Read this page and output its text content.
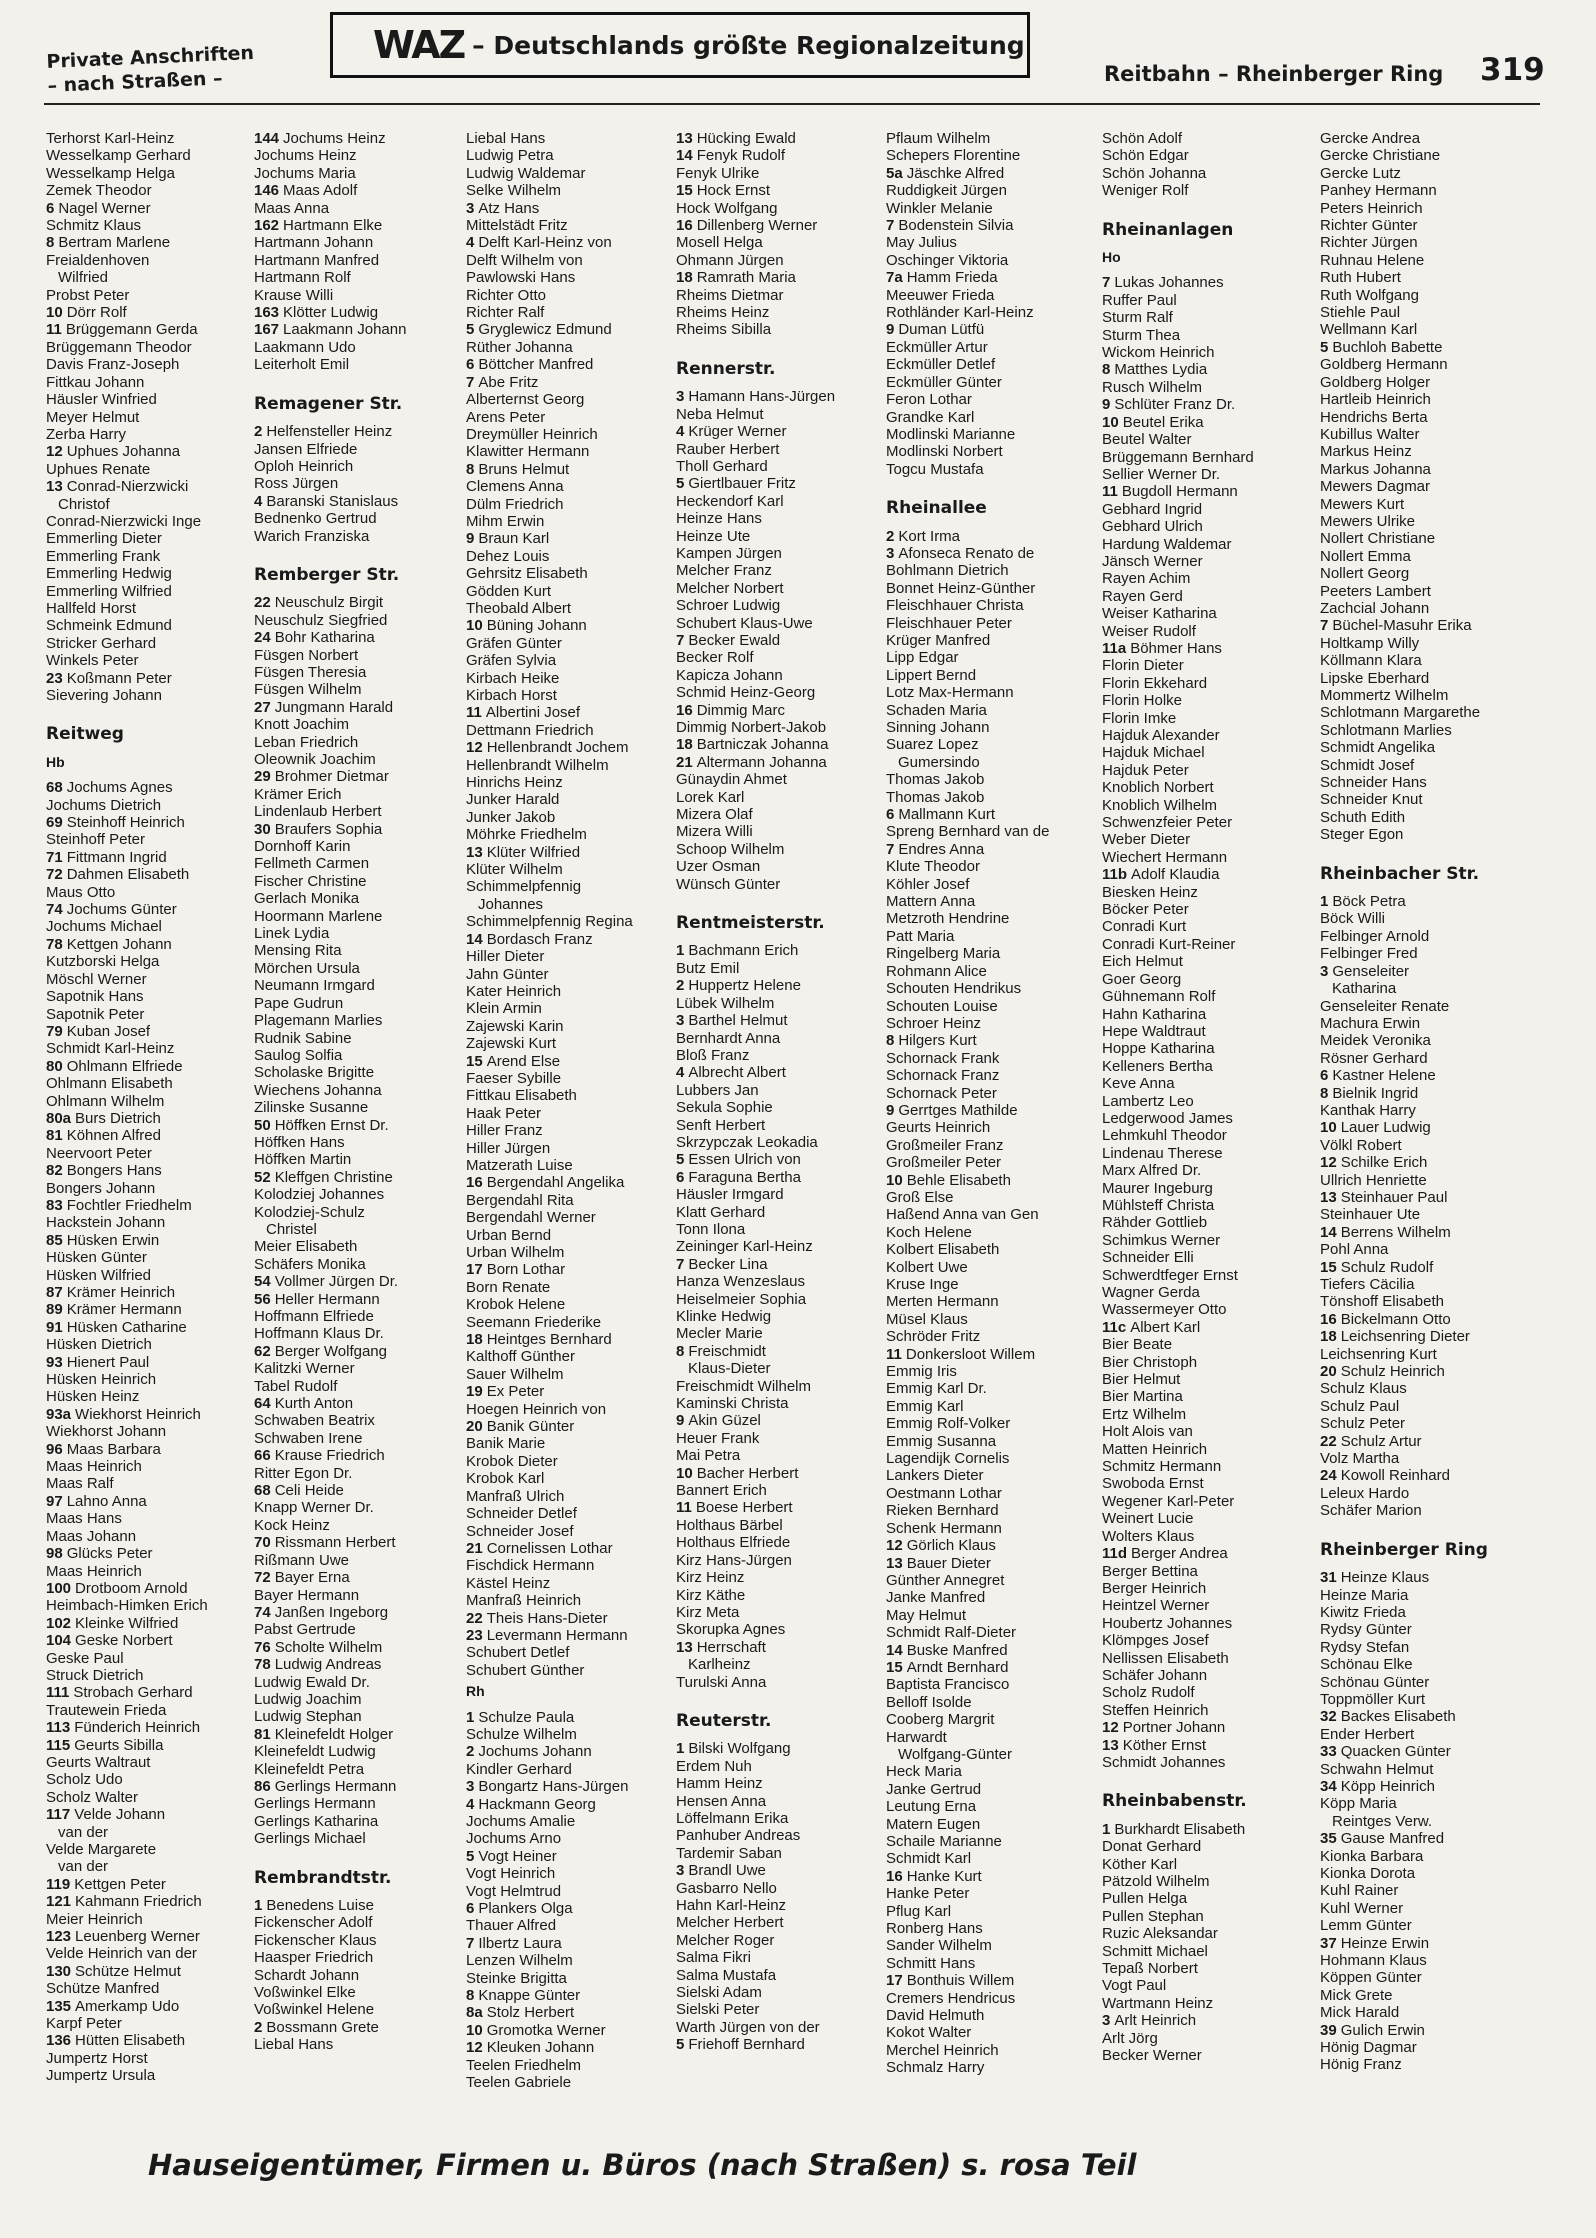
Private Anschriften
– nach Straßen –
WAZ – Deutschlands größte Regionalzeitung
Reitbahn – Rheinberger Ring 319
Terhorst Karl-Heinz
Wesselkamp Gerhard
Wesselkamp Helga
Zemek Theodor
6 Nagel Werner
Schmitz Klaus
8 Bertram Marlene
Freialdenhoven
Wilfried
Probst Peter
10 Dörr Rolf
11 Brüggemann Gerda
Brüggemann Theodor
Davis Franz-Joseph
Fittkau Johann
Häusler Winfried
Meyer Helmut
Zerba Harry
12 Uphues Johanna
Uphues Renate
13 Conrad-Nierzwicki
Christof
Conrad-Nierzwicki Inge
Emmerling Dieter
Emmerling Frank
Emmerling Hedwig
Emmerling Wilfried
Hallfeld Horst
Schmeink Edmund
Stricker Gerhard
Winkels Peter
23 Koßmann Peter
Sievering Johann
Reitweg
Hb
68 Jochums Agnes
Jochums Dietrich
69 Steinhoff Heinrich
Steinhoff Peter
71 Fittmann Ingrid
72 Dahmen Elisabeth
Maus Otto
74 Jochums Günter
Jochums Michael
78 Kettgen Johann
Kutzborski Helga
Möschl Werner
Sapotnik Hans
Sapotnik Peter
79 Kuban Josef
Schmidt Karl-Heinz
80 Ohlmann Elfriede
Ohlmann Elisabeth
Ohlmann Wilhelm
80a Burs Dietrich
81 Köhnen Alfred
Neervoort Peter
82 Bongers Hans
Bongers Johann
83 Fochtler Friedhelm
Hackstein Johann
85 Hüsken Erwin
Hüsken Günter
Hüsken Wilfried
87 Krämer Heinrich
89 Krämer Hermann
91 Hüsken Catharine
Hüsken Dietrich
93 Hienert Paul
Hüsken Heinrich
Hüsken Heinz
93a Wiekhorst Heinrich
Wiekhorst Johann
96 Maas Barbara
Maas Heinrich
Maas Ralf
97 Lahno Anna
Maas Hans
Maas Johann
98 Glücks Peter
Maas Heinrich
100 Drotboom Arnold
Heimbach-Himken Erich
102 Kleinke Wilfried
104 Geske Norbert
Geske Paul
Struck Dietrich
111 Strobach Gerhard
Trautewein Frieda
113 Fünderich Heinrich
115 Geurts Sibilla
Geurts Waltraut
Scholz Udo
Scholz Walter
117 Velde Johann
van der
Velde Margarete
van der
119 Kettgen Peter
121 Kahmann Friedrich
Meier Heinrich
123 Leuenberg Werner
Velde Heinrich van der
130 Schütze Helmut
Schütze Manfred
135 Amerkamp Udo
Karpf Peter
136 Hütten Elisabeth
Jumpertz Horst
Jumpertz Ursula
144 Jochums Heinz
Jochums Heinz
Jochums Maria
146 Maas Adolf
Maas Anna
162 Hartmann Elke
Hartmann Johann
Hartmann Manfred
Hartmann Rolf
Krause Willi
163 Klötter Ludwig
167 Laakmann Johann
Laakmann Udo
Leiterholt Emil
Remagener Str.
2 Helfensteller Heinz
Jansen Elfriede
Oploh Heinrich
Ross Jürgen
4 Baranski Stanislaus
Bednenko Gertrud
Warich Franziska
Remberger Str.
22 Neuschulz Birgit
Neuschulz Siegfried
24 Bohr Katharina
Füsgen Norbert
Füsgen Theresia
Füsgen Wilhelm
27 Jungmann Harald
Knott Joachim
Leban Friedrich
Oleownik Joachim
29 Brohmer Dietmar
Krämer Erich
Lindenlaub Herbert
30 Braufers Sophia
Dornhoff Karin
Fellmeth Carmen
Fischer Christine
Gerlach Monika
Hoormann Marlene
Linek Lydia
Mensing Rita
Mörchen Ursula
Neumann Irmgard
Pape Gudrun
Plagemann Marlies
Rudnik Sabine
Saulog Solfia
Scholaske Brigitte
Wiechens Johanna
Zilinske Susanne
50 Höffken Ernst Dr.
Höffken Hans
Höffken Martin
52 Kleffgen Christine
Kolodziej Johannes
Kolodziej-Schulz
Christel
Meier Elisabeth
Schäfers Monika
54 Vollmer Jürgen Dr.
56 Heller Hermann
Hoffmann Elfriede
Hoffmann Klaus Dr.
62 Berger Wolfgang
Kalitzki Werner
Tabel Rudolf
64 Kurth Anton
Schwaben Beatrix
Schwaben Irene
66 Krause Friedrich
Ritter Egon Dr.
68 Celi Heide
Knapp Werner Dr.
Kock Heinz
70 Rissmann Herbert
Rißmann Uwe
72 Bayer Erna
Bayer Hermann
74 Janßen Ingeborg
Pabst Gertrude
76 Scholte Wilhelm
78 Ludwig Andreas
Ludwig Ewald Dr.
Ludwig Joachim
Ludwig Stephan
81 Kleinefeldt Holger
Kleinefeldt Ludwig
Kleinefeldt Petra
86 Gerlings Hermann
Gerlings Hermann
Gerlings Katharina
Gerlings Michael
Rembrandtstr.
1 Benedens Luise
Fickenscher Adolf
Fickenscher Klaus
Haasper Friedrich
Schardt Johann
Voßwinkel Elke
Voßwinkel Helene
2 Bossmann Grete
Liebal Hans
Liebal Hans
Ludwig Petra
Ludwig Waldemar
Selke Wilhelm
3 Atz Hans
Mittelstädt Fritz
4 Delft Karl-Heinz von
Delft Wilhelm von
Pawlowski Hans
Richter Otto
Richter Ralf
5 Gryglewicz Edmund
Rüther Johanna
6 Böttcher Manfred
7 Abe Fritz
Alberternst Georg
Arens Peter
Dreymüller Heinrich
Klawitter Hermann
8 Bruns Helmut
Clemens Anna
Dülm Friedrich
Mihm Erwin
9 Braun Karl
Dehez Louis
Gehrsitz Elisabeth
Gödden Kurt
Theobald Albert
10 Büning Johann
Gräfen Günter
Gräfen Sylvia
Kirbach Heike
Kirbach Horst
11 Albertini Josef
Dettmann Friedrich
12 Hellenbrandt Jochem
Hellenbrandt Wilhelm
Hinrichs Heinz
Junker Harald
Junker Jakob
Möhrke Friedhelm
13 Klüter Wilfried
Klüter Wilhelm
Schimmelpfennig
Johannes
Schimmelpfennig Regina
14 Bordasch Franz
Hiller Dieter
Jahn Günter
Kater Heinrich
Klein Armin
Zajewski Karin
Zajewski Kurt
15 Arend Else
Faeser Sybille
Fittkau Elisabeth
Haak Peter
Hiller Franz
Hiller Jürgen
Matzerath Luise
16 Bergendahl Angelika
Bergendahl Rita
Bergendahl Werner
Urban Bernd
Urban Wilhelm
17 Born Lothar
Born Renate
Krobok Helene
Seemann Friederike
18 Heintges Bernhard
Kalthoff Günther
Sauer Wilhelm
19 Ex Peter
Hoegen Heinrich von
20 Banik Günter
Banik Marie
Krobok Dieter
Krobok Karl
Manfraß Ulrich
Schneider Detlef
Schneider Josef
21 Cornelissen Lothar
Fischdick Hermann
Kästel Heinz
Manfraß Heinrich
22 Theis Hans-Dieter
23 Levermann Hermann
Schubert Detlef
Schubert Günther
Rh
1 Schulze Paula
Schulze Wilhelm
2 Jochums Johann
Kindler Gerhard
3 Bongartz Hans-Jürgen
4 Hackmann Georg
Jochums Amalie
Jochums Arno
5 Vogt Heiner
Vogt Heinrich
Vogt Helmtrud
6 Plankers Olga
Thauer Alfred
7 Ilbertz Laura
Lenzen Wilhelm
Steinke Brigitta
8 Knappe Günter
8a Stolz Herbert
10 Gromotka Werner
12 Kleuken Johann
Teelen Friedhelm
Teelen Gabriele
13 Hücking Ewald
14 Fenyk Rudolf
Fenyk Ulrike
15 Hock Ernst
Hock Wolfgang
16 Dillenberg Werner
Mosell Helga
Ohmann Jürgen
18 Ramrath Maria
Rheims Dietmar
Rheims Heinz
Rheims Sibilla
Rennerstr.
3 Hamann Hans-Jürgen
Neba Helmut
4 Krüger Werner
Rauber Herbert
Tholl Gerhard
5 Giertlbauer Fritz
Heckendorf Karl
Heinze Hans
Heinze Ute
Kampen Jürgen
Melcher Franz
Melcher Norbert
Schroer Ludwig
Schubert Klaus-Uwe
7 Becker Ewald
Becker Rolf
Kapicza Johann
Schmid Heinz-Georg
16 Dimmig Marc
Dimmig Norbert-Jakob
18 Bartniczak Johanna
21 Altermann Johanna
Günaydin Ahmet
Lorek Karl
Mizera Olaf
Mizera Willi
Schoop Wilhelm
Uzer Osman
Wünsch Günter
Rentmeisterstr.
1 Bachmann Erich
Butz Emil
2 Huppertz Helene
Lübek Wilhelm
3 Barthel Helmut
Bernhardt Anna
Bloß Franz
4 Albrecht Albert
Lubbers Jan
Sekula Sophie
Senft Herbert
Skrzypczak Leokadia
5 Essen Ulrich von
6 Faraguna Bertha
Häusler Irmgard
Klatt Gerhard
Tonn Ilona
Zeininger Karl-Heinz
7 Becker Lina
Hanza Wenzeslaus
Heiselmeier Sophia
Klinke Hedwig
Mecler Marie
8 Freischmidt
Klaus-Dieter
Freischmidt Wilhelm
Kaminski Christa
9 Akin Güzel
Heuer Frank
Mai Petra
10 Bacher Herbert
Bannert Erich
11 Boese Herbert
Holthaus Bärbel
Holthaus Elfriede
Kirz Hans-Jürgen
Kirz Heinz
Kirz Käthe
Kirz Meta
Skorupka Agnes
13 Herrschaft
Karlheinz
Turulski Anna
Reuterstr.
1 Bilski Wolfgang
Erdem Nuh
Hamm Heinz
Hensen Anna
Löffelmann Erika
Panhuber Andreas
Tardemir Saban
3 Brandl Uwe
Gasbarro Nello
Hahn Karl-Heinz
Melcher Herbert
Melcher Roger
Salma Fikri
Salma Mustafa
Sielski Adam
Sielski Peter
Warth Jürgen von der
5 Friehoff Bernhard
Pflaum Wilhelm
Schepers Florentine
5a Jäschke Alfred
Ruddigkeit Jürgen
Winkler Melanie
7 Bodenstein Silvia
May Julius
Oschinger Viktoria
7a Hamm Frieda
Meeuwer Frieda
Rothländer Karl-Heinz
9 Duman Lütfü
Eckmüller Artur
Eckmüller Detlef
Eckmüller Günter
Feron Lothar
Grandke Karl
Modlinski Marianne
Modlinski Norbert
Togcu Mustafa
Rheinallee
2 Kort Irma
3 Afonseca Renato de
Bohlmann Dietrich
Bonnet Heinz-Günther
Fleischhauer Christa
Fleischhauer Peter
Krüger Manfred
Lipp Edgar
Lippert Bernd
Lotz Max-Hermann
Schaden Maria
Sinning Johann
Suarez Lopez
Gumersindo
Thomas Jakob
Thomas Jakob
6 Mallmann Kurt
Spreng Bernhard van de
7 Endres Anna
Klute Theodor
Köhler Josef
Mattern Anna
Metzroth Hendrine
Patt Maria
Ringelberg Maria
Rohmann Alice
Schouten Hendrikus
Schouten Louise
Schroer Heinz
8 Hilgers Kurt
Schornack Frank
Schornack Franz
Schornack Peter
9 Gerrtges Mathilde
Geurts Heinrich
Großmeiler Franz
Großmeiler Peter
10 Behle Elisabeth
Groß Else
Haßend Anna van Gen
Koch Helene
Kolbert Elisabeth
Kolbert Uwe
Kruse Inge
Merten Hermann
Müsel Klaus
Schröder Fritz
11 Donkersloot Willem
Emmig Iris
Emmig Karl Dr.
Emmig Karl
Emmig Rolf-Volker
Emmig Susanna
Lagendijk Cornelis
Lankers Dieter
Oestmann Lothar
Rieken Bernhard
Schenk Hermann
12 Görlich Klaus
13 Bauer Dieter
Günther Annegret
Janke Manfred
May Helmut
Schmidt Ralf-Dieter
14 Buske Manfred
15 Arndt Bernhard
Baptista Francisco
Belloff Isolde
Cooberg Margrit
Harwardt
Wolfgang-Günter
Heck Maria
Janke Gertrud
Leutung Erna
Matern Eugen
Schaile Marianne
Schmidt Karl
16 Hanke Kurt
Hanke Peter
Pflug Karl
Ronberg Hans
Sander Wilhelm
Schmitt Hans
17 Bonthuis Willem
Cremers Hendricus
David Helmuth
Kokot Walter
Merchel Heinrich
Schmalz Harry
Schön Adolf
Schön Edgar
Schön Johanna
Weniger Rolf
Rheinanlagen
Ho
7 Lukas Johannes
Ruffer Paul
Sturm Ralf
Sturm Thea
Wickom Heinrich
8 Matthes Lydia
Rusch Wilhelm
9 Schlüter Franz Dr.
10 Beutel Erika
Beutel Walter
Brüggemann Bernhard
Sellier Werner Dr.
11 Bugdoll Hermann
Gebhard Ingrid
Gebhard Ulrich
Hardung Waldemar
Jänsch Werner
Rayen Achim
Rayen Gerd
Weiser Katharina
Weiser Rudolf
11a Böhmer Hans
Florin Dieter
Florin Ekkehard
Florin Holke
Florin Imke
Hajduk Alexander
Hajduk Michael
Hajduk Peter
Knoblich Norbert
Knoblich Wilhelm
Schwenzfeier Peter
Weber Dieter
Wiechert Hermann
11b Adolf Klaudia
Biesken Heinz
Böcker Peter
Conradi Kurt
Conradi Kurt-Reiner
Eich Helmut
Goer Georg
Gühnemann Rolf
Hahn Katharina
Hepe Waldtraut
Hoppe Katharina
Kelleners Bertha
Keve Anna
Lambertz Leo
Ledgerwood James
Lehmkuhl Theodor
Lindenau Therese
Marx Alfred Dr.
Maurer Ingeburg
Mühlsteff Christa
Rähder Gottlieb
Schimkus Werner
Schneider Elli
Schwerdtfeger Ernst
Wagner Gerda
Wassermeyer Otto
11c Albert Karl
Bier Beate
Bier Christoph
Bier Helmut
Bier Martina
Ertz Wilhelm
Holt Alois van
Matten Heinrich
Schmitz Hermann
Swoboda Ernst
Wegener Karl-Peter
Weinert Lucie
Wolters Klaus
11d Berger Andrea
Berger Bettina
Berger Heinrich
Heintzel Werner
Houbertz Johannes
Klömpges Josef
Nellissen Elisabeth
Schäfer Johann
Scholz Rudolf
Steffen Heinrich
12 Portner Johann
13 Köther Ernst
Schmidt Johannes
Rheinbabenstr.
1 Burkhardt Elisabeth
Donat Gerhard
Köther Karl
Pätzold Wilhelm
Pullen Helga
Pullen Stephan
Ruzic Aleksandar
Schmitt Michael
Tepaß Norbert
Vogt Paul
Wartmann Heinz
3 Arlt Heinrich
Arlt Jörg
Becker Werner
Gercke Andrea
Gercke Christiane
Gercke Lutz
Panhey Hermann
Peters Heinrich
Richter Günter
Richter Jürgen
Ruhnau Helene
Ruth Hubert
Ruth Wolfgang
Stiehle Paul
Wellmann Karl
5 Buchloh Babette
Goldberg Hermann
Goldberg Holger
Hartleib Heinrich
Hendrichs Berta
Kubillus Walter
Markus Heinz
Markus Johanna
Mewers Dagmar
Mewers Kurt
Mewers Ulrike
Nollert Christiane
Nollert Emma
Nollert Georg
Peeters Lambert
Zachcial Johann
7 Büchel-Masuhr Erika
Holtkamp Willy
Köllmann Klara
Lipske Eberhard
Mommertz Wilhelm
Schlotmann Margarethe
Schlotmann Marlies
Schmidt Angelika
Schmidt Josef
Schneider Hans
Schneider Knut
Schuth Edith
Steger Egon
Rheinbacher Str.
1 Böck Petra
Böck Willi
Felbinger Arnold
Felbinger Fred
3 Genseleiter
Katharina
Genseleiter Renate
Machura Erwin
Meidek Veronika
Rösner Gerhard
6 Kastner Helene
8 Bielnik Ingrid
Kanthak Harry
10 Lauer Ludwig
Völkl Robert
12 Schilke Erich
Ullrich Henriette
13 Steinhauer Paul
Steinhauer Ute
14 Berrens Wilhelm
Pohl Anna
15 Schulz Rudolf
Tiefers Cäcilia
Tönshoff Elisabeth
16 Bickelmann Otto
18 Leichsenring Dieter
Leichsenring Kurt
20 Schulz Heinrich
Schulz Klaus
Schulz Paul
Schulz Peter
22 Schulz Artur
Volz Martha
24 Kowoll Reinhard
Leleux Hardo
Schäfer Marion
Rheinberger Ring
31 Heinze Klaus
Heinze Maria
Kiwitz Frieda
Rydsy Günter
Rydsy Stefan
Schönau Elke
Schönau Günter
Toppmöller Kurt
32 Backes Elisabeth
Ender Herbert
33 Quacken Günter
Schwahn Helmut
34 Köpp Heinrich
Köpp Maria
Reintges Verw.
35 Gause Manfred
Kionka Barbara
Kionka Dorota
Kuhl Rainer
Kuhl Werner
Lemm Günter
37 Heinze Erwin
Hohmann Klaus
Köppen Günter
Mick Grete
Mick Harald
39 Gulich Erwin
Hönig Dagmar
Hönig Franz
Hauseigentümer, Firmen u. Büros (nach Straßen) s. rosa Teil
